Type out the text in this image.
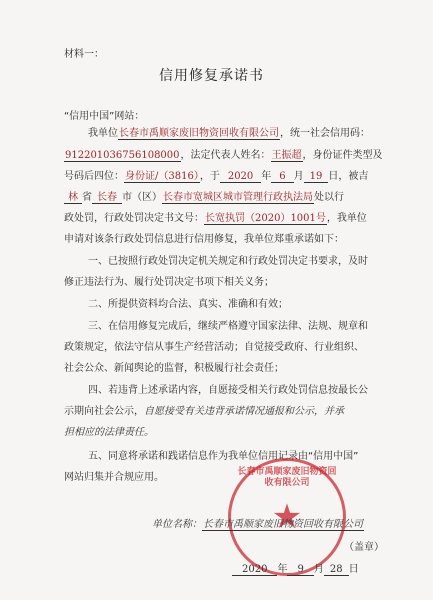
材料一：
信用修复承诺书
“信用中国”网站：
我单位长春市禹顺家废旧物资回收有限公司，统一社会信用码：
912201036756108000，法定代表人姓名：王振超，身份证件类型及
号码后四位：身份证/（3816），于 2020 年 6 月 19 日，被吉
林 省 长春 市（区）长春市宽城区城市管理行政执法局处以行
政处罚，行政处罚决定书文号：长宽执罚（2020）1001号，我单位
申请对该条行政处罚信息进行信用修复，我单位郑重承诺如下：
一、已按照行政处罚决定机关规定和行政处罚决定书要求，及时
修正违法行为、履行处罚决定书项下相关义务；
二、所提供资料均合法、真实、准确和有效；
三、在信用修复完成后，继续严格遵守国家法律、法规、规章和
政策规定，依法守信从事生产经营活动；自觉接受政府、行业组织、
社会公众、新闻舆论的监督，积极履行社会责任；
四、若违背上述承诺内容，自愿接受相关行政处罚信息按最长公
示期向社会公示，自愿接受有关违背承诺情况通报和公示，并承
担相应的法律责任。
五、同意将承诺和践诺信息作为我单位信用记录由“信用中国”
网站归集并合规应用。	长春市禹顺家废旧物资回收有限公司
★
单位名称：长春市禹顺家废旧物资回收有限公司
（盖章）
2020 年 9 月 28 日
